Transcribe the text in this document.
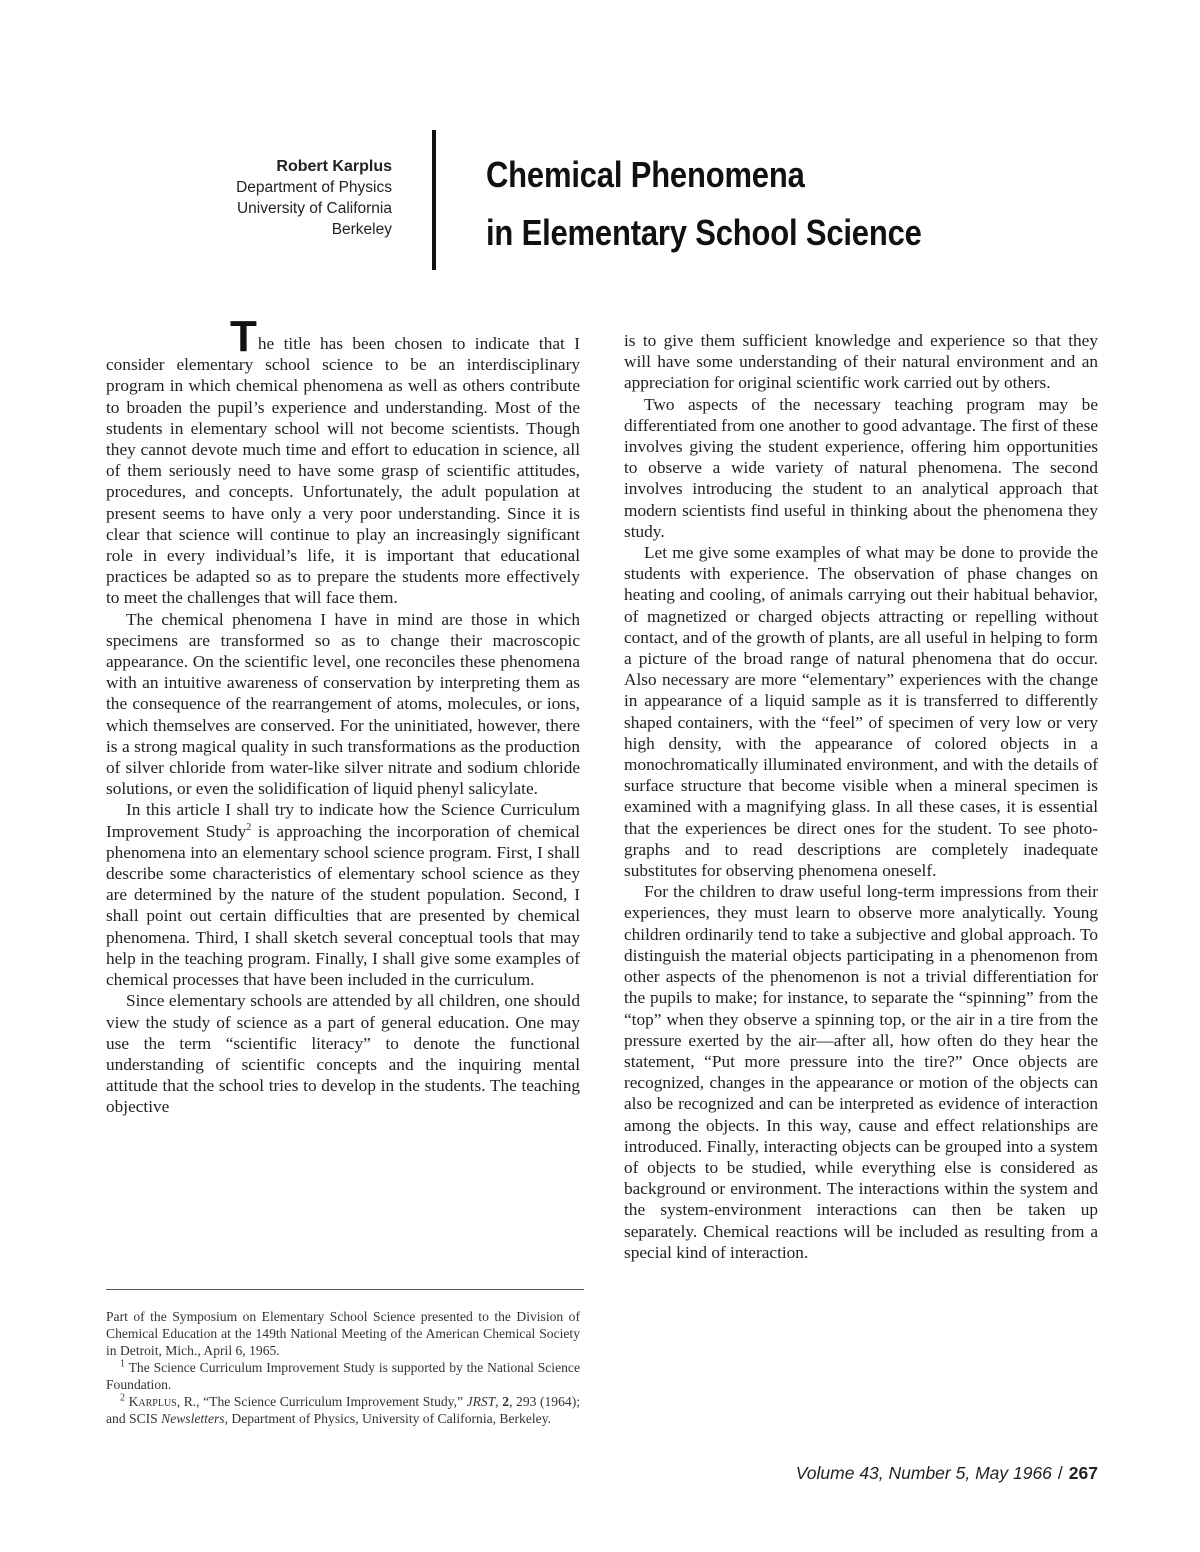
Robert Karplus
Department of Physics
University of California
Berkeley
Chemical Phenomena
in Elementary School Science

The title has been chosen to indicate that I consider elementary school science to be an interdisciplinary program in which chemical phenomena as well as others contribute to broaden the pupil’s experience and understanding. Most of the students in elementary school will not become scientists. Though they cannot devote much time and effort to education in science, all of them seriously need to have some grasp of scientific attitudes, procedures, and concepts. Unfortunately, the adult population at present seems to have only a very poor understanding. Since it is clear that science will continue to play an increasingly significant role in every individual’s life, it is important that educational practices be adapted so as to prepare the students more effectively to meet the challenges that will face them.

The chemical phenomena I have in mind are those in which specimens are transformed so as to change their macroscopic appearance. On the scientific level, one reconciles these phenomena with an intuitive awareness of conservation by interpreting them as the consequence of the rearrangement of atoms, molecules, or ions, which themselves are conserved. For the uninitiated, however, there is a strong magical quality in such transformations as the production of silver chloride from water-like silver nitrate and sodium chloride solutions, or even the solidification of liquid phenyl salicylate.

In this article I shall try to indicate how the Science Curriculum Improvement Study$^2$ is approaching the incorporation of chemical phenomena into an elementary school science program. First, I shall describe some characteristics of elementary school science as they are determined by the nature of the student population. Second, I shall point out certain difficulties that are presented by chemical phenomena. Third, I shall sketch several conceptual tools that may help in the teaching program. Finally, I shall give some examples of chemical processes that have been included in the curriculum.

Since elementary schools are attended by all children, one should view the study of science as a part of general education. One may use the term “scientific literacy” to denote the functional understanding of scientific concepts and the inquiring mental attitude that the school tries to develop in the students. The teaching objective

is to give them sufficient knowledge and experience so that they will have some understanding of their natural environment and an appreciation for original scientific work carried out by others.

Two aspects of the necessary teaching program may be differentiated from one another to good advantage. The first of these involves giving the student experience, offering him opportunities to observe a wide variety of natural phenomena. The second involves introducing the student to an analytical approach that modern scientists find useful in thinking about the phenomena they study.

Let me give some examples of what may be done to provide the students with experience. The observation of phase changes on heating and cooling, of animals carrying out their habitual behavior, of magnetized or charged objects attracting or repelling without contact, and of the growth of plants, are all useful in helping to form a picture of the broad range of natural phenomena that do occur. Also necessary are more “elementary” experiences with the change in appearance of a liquid sample as it is transferred to differently shaped containers, with the “feel” of specimen of very low or very high density, with the appearance of colored objects in a monochromatically illuminated environment, and with the details of surface structure that become visible when a mineral specimen is examined with a magnifying glass. In all these cases, it is essential that the experiences be direct ones for the student. To see photographs and to read descriptions are completely inadequate substitutes for observing phenomena oneself.

For the children to draw useful long-term impressions from their experiences, they must learn to observe more analytically. Young children ordinarily tend to take a subjective and global approach. To distinguish the material objects participating in a phenomenon from other aspects of the phenomenon is not a trivial differentiation for the pupils to make; for instance, to separate the “spinning” from the “top” when they observe a spinning top, or the air in a tire from the pressure exerted by the air—after all, how often do they hear the statement, “Put more pressure into the tire?” Once objects are recognized, changes in the appearance or motion of the objects can also be recognized and can be interpreted as evidence of interaction among the objects. In this way, cause and effect relationships are introduced. Finally, interacting objects can be grouped into a system of objects to be studied, while everything else is considered as background or environment. The interactions within the system and the system-environment interactions can then be taken up separately. Chemical reactions will be included as resulting from a special kind of interaction.

Part of the Symposium on Elementary School Science presented to the Division of Chemical Education at the 149th National Meeting of the American Chemical Society in Detroit, Mich., April 6, 1965.

$^1$ The Science Curriculum Improvement Study is supported by the National Science Foundation.

$^2$ Karplus, R., “The Science Curriculum Improvement Study,” JRST, 2, 293 (1964); and SCIS Newsletters, Department of Physics, University of California, Berkeley.

Volume 43, Number 5, May 1966 / 267
